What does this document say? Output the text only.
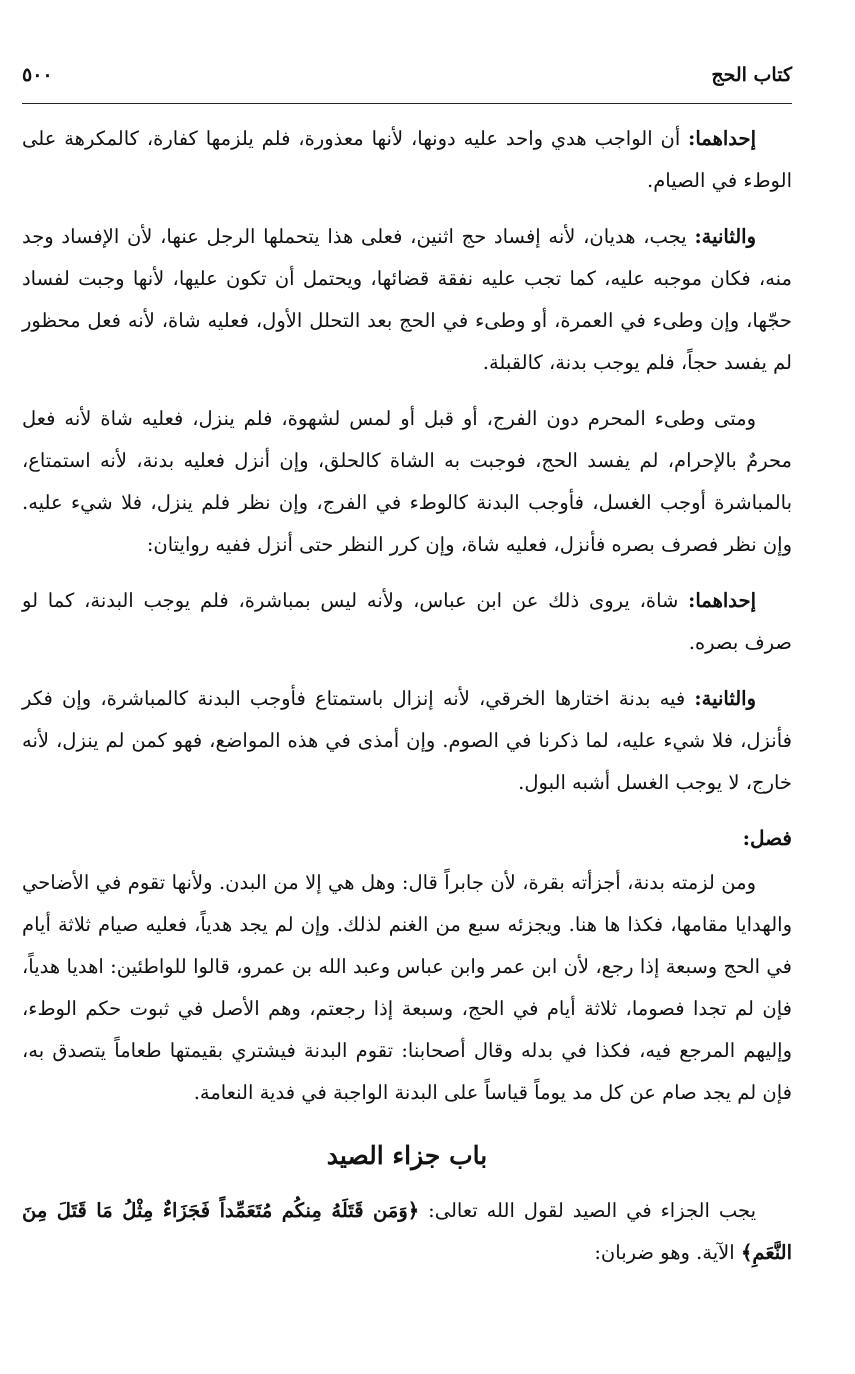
كتاب الحج
٥٠٠

إحداهما: أن الواجب هدي واحد عليه دونها، لأنها معذورة، فلم يلزمها كفارة، كالمكرهة على الوطء في الصيام.

والثانية: يجب، هديان، لأنه إفساد حج اثنين، فعلى هذا يتحملها الرجل عنها، لأن الإفساد وجد منه، فكان موجبه عليه، كما تجب عليه نفقة قضائها، ويحتمل أن تكون عليها، لأنها وجبت لفساد حجّها، وإن وطىء في العمرة، أو وطىء في الحج بعد التحلل الأول، فعليه شاة، لأنه فعل محظور لم يفسد حجاً، فلم يوجب بدنة، كالقبلة.

ومتى وطىء المحرم دون الفرج، أو قبل أو لمس لشهوة، فلم ينزل، فعليه شاة لأنه فعل محرمٌ بالإحرام، لم يفسد الحج، فوجبت به الشاة كالحلق، وإن أنزل فعليه بدنة، لأنه استمتاع، بالمباشرة أوجب الغسل، فأوجب البدنة كالوطء في الفرج، وإن نظر فلم ينزل، فلا شيء عليه. وإن نظر فصرف بصره فأنزل، فعليه شاة، وإن كرر النظر حتى أنزل ففيه روايتان:

إحداهما: شاة، يروى ذلك عن ابن عباس، ولأنه ليس بمباشرة، فلم يوجب البدنة، كما لو صرف بصره.

والثانية: فيه بدنة اختارها الخرقي، لأنه إنزال باستمتاع فأوجب البدنة كالمباشرة، وإن فكر فأنزل، فلا شيء عليه، لما ذكرنا في الصوم. وإن أمذى في هذه المواضع، فهو كمن لم ينزل، لأنه خارج، لا يوجب الغسل أشبه البول.

فصل:

ومن لزمته بدنة، أجزأته بقرة، لأن جابراً قال: وهل هي إلا من البدن. ولأنها تقوم في الأضاحي والهدايا مقامها، فكذا ها هنا. ويجزئه سبع من الغنم لذلك. وإن لم يجد هدياً، فعليه صيام ثلاثة أيام في الحج وسبعة إذا رجع، لأن ابن عمر وابن عباس وعبد الله بن عمرو، قالوا للواطئين: اهديا هدياً، فإن لم تجدا فصوما، ثلاثة أيام في الحج، وسبعة إذا رجعتم، وهم الأصل في ثبوت حكم الوطء، وإليهم المرجع فيه، فكذا في بدله وقال أصحابنا: تقوم البدنة فيشتري بقيمتها طعاماً يتصدق به، فإن لم يجد صام عن كل مد يوماً قياساً على البدنة الواجبة في فدية النعامة.

باب جزاء الصيد

يجب الجزاء في الصيد لقول الله تعالى: ﴿وَمَن قَتَلَهُ مِنكُم مُتَعَمِّداً فَجَزَاءٌ مِثْلُ مَا قَتَلَ مِنَ النَّعَمِ﴾ الآية. وهو ضربان:
